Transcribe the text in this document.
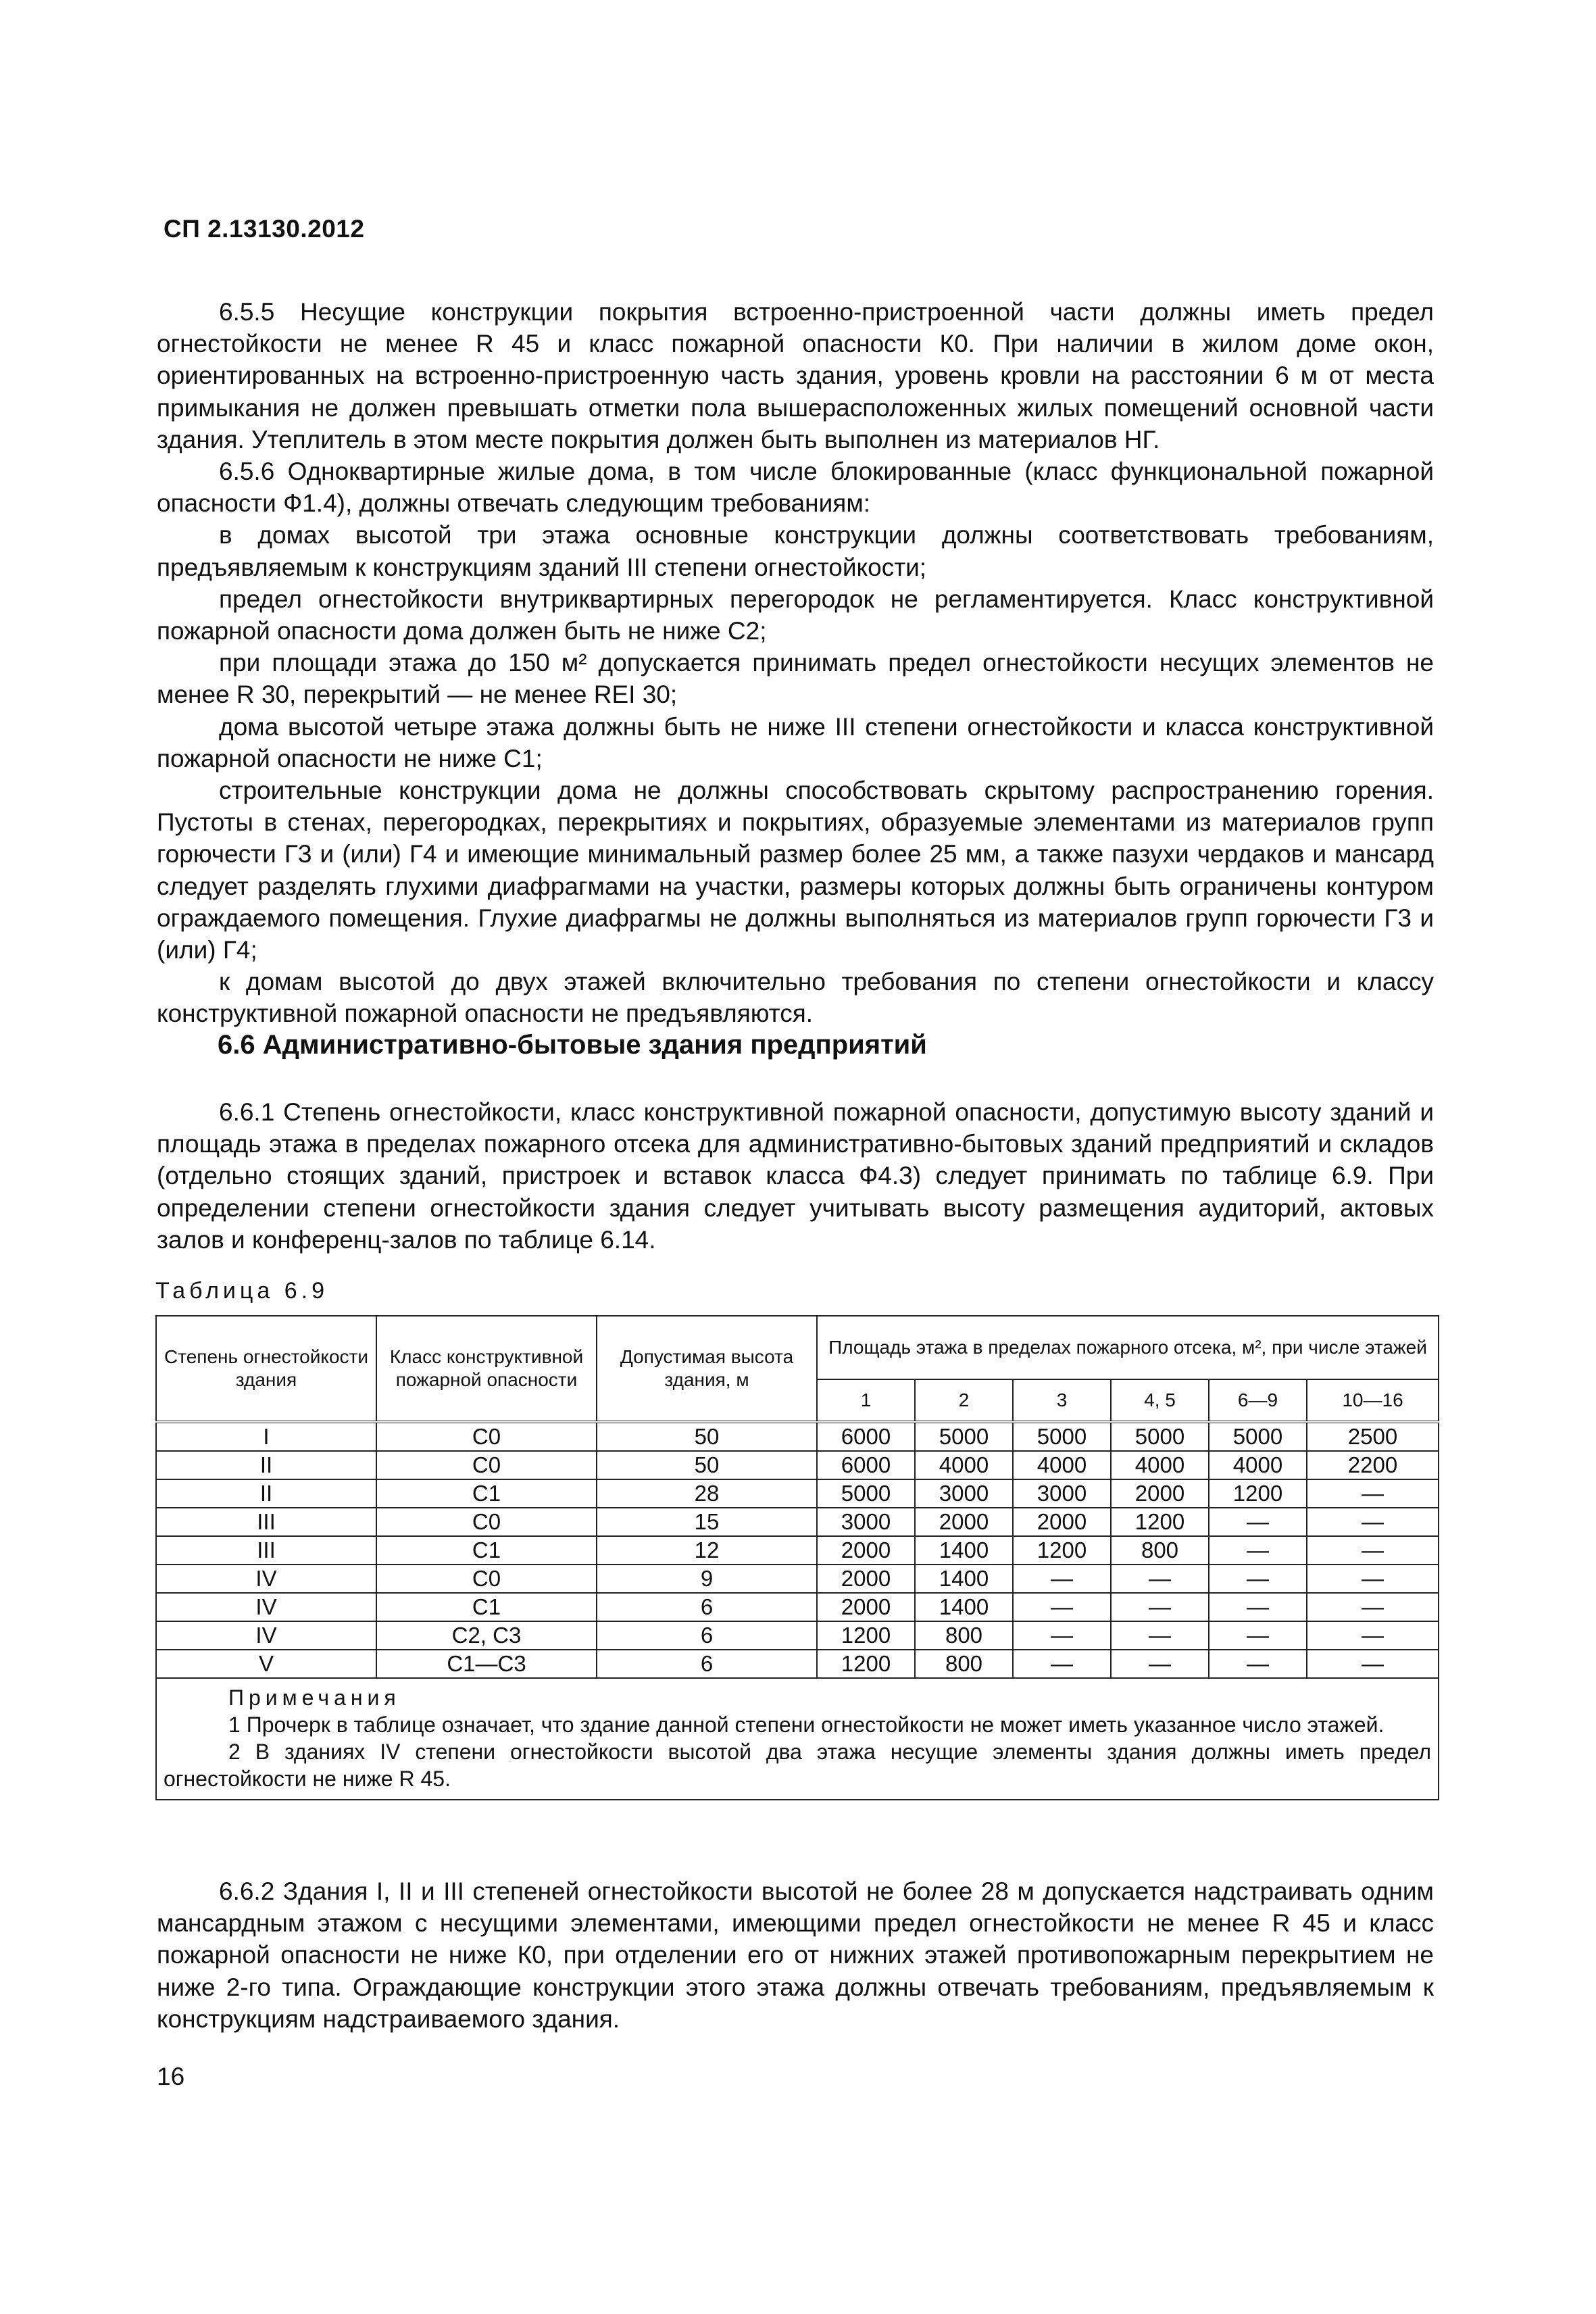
СП 2.13130.2012

6.5.5 Несущие конструкции покрытия встроенно-пристроенной части должны иметь предел огнестойкости не менее R 45 и класс пожарной опасности К0. При наличии в жилом доме окон, ориентированных на встроенно-пристроенную часть здания, уровень кровли на расстоянии 6 м от места примыкания не должен превышать отметки пола вышерасположенных жилых помещений основной части здания. Утеплитель в этом месте покрытия должен быть выполнен из материалов НГ.

6.5.6 Одноквартирные жилые дома, в том числе блокированные (класс функциональной пожарной опасности Ф1.4), должны отвечать следующим требованиям:

в домах высотой три этажа основные конструкции должны соответствовать требованиям, предъявляемым к конструкциям зданий III степени огнестойкости;

предел огнестойкости внутриквартирных перегородок не регламентируется. Класс конструктивной пожарной опасности дома должен быть не ниже С2;

при площади этажа до 150 м² допускается принимать предел огнестойкости несущих элементов не менее R 30, перекрытий — не менее REI 30;

дома высотой четыре этажа должны быть не ниже III степени огнестойкости и класса конструктивной пожарной опасности не ниже С1;

строительные конструкции дома не должны способствовать скрытому распространению горения. Пустоты в стенах, перегородках, перекрытиях и покрытиях, образуемые элементами из материалов групп горючести Г3 и (или) Г4 и имеющие минимальный размер более 25 мм, а также пазухи чердаков и мансард следует разделять глухими диафрагмами на участки, размеры которых должны быть ограничены контуром ограждаемого помещения. Глухие диафрагмы не должны выполняться из материалов групп горючести Г3 и (или) Г4;

к домам высотой до двух этажей включительно требования по степени огнестойкости и классу конструктивной пожарной опасности не предъявляются.

6.6 Административно-бытовые здания предприятий

6.6.1 Степень огнестойкости, класс конструктивной пожарной опасности, допустимую высоту зданий и площадь этажа в пределах пожарного отсека для административно-бытовых зданий предприятий и складов (отдельно стоящих зданий, пристроек и вставок класса Ф4.3) следует принимать по таблице 6.9. При определении степени огнестойкости здания следует учитывать высоту размещения аудиторий, актовых залов и конференц-залов по таблице 6.14.

Таблица 6.9
Степень огнестойкости здания	Класс конструктивной пожарной опасности	Допустимая высота здания, м	Площадь этажа в пределах пожарного отсека, м², при числе этажей					
			1	2	3	4, 5	6—9	10—16
I	С0	50	6000	5000	5000	5000	5000	2500
II	С0	50	6000	4000	4000	4000	4000	2200
II	С1	28	5000	3000	3000	2000	1200	—
III	С0	15	3000	2000	2000	1200	—	—
III	С1	12	2000	1400	1200	800	—	—
IV	С0	9	2000	1400	—	—	—	—
IV	С1	6	2000	1400	—	—	—	—
IV	С2, С3	6	1200	800	—	—	—	—
V	С1—С3	6	1200	800	—	—	—	—

Примечания
1 Прочерк в таблице означает, что здание данной степени огнестойкости не может иметь указанное число этажей.
2 В зданиях IV степени огнестойкости высотой два этажа несущие элементы здания должны иметь предел огнестойкости не ниже R 45.								

6.6.2 Здания I, II и III степеней огнестойкости высотой не более 28 м допускается надстраивать одним мансардным этажом с несущими элементами, имеющими предел огнестойкости не менее R 45 и класс пожарной опасности не ниже К0, при отделении его от нижних этажей противопожарным перекрытием не ниже 2-го типа. Ограждающие конструкции этого этажа должны отвечать требованиям, предъявляемым к конструкциям надстраиваемого здания.

16
